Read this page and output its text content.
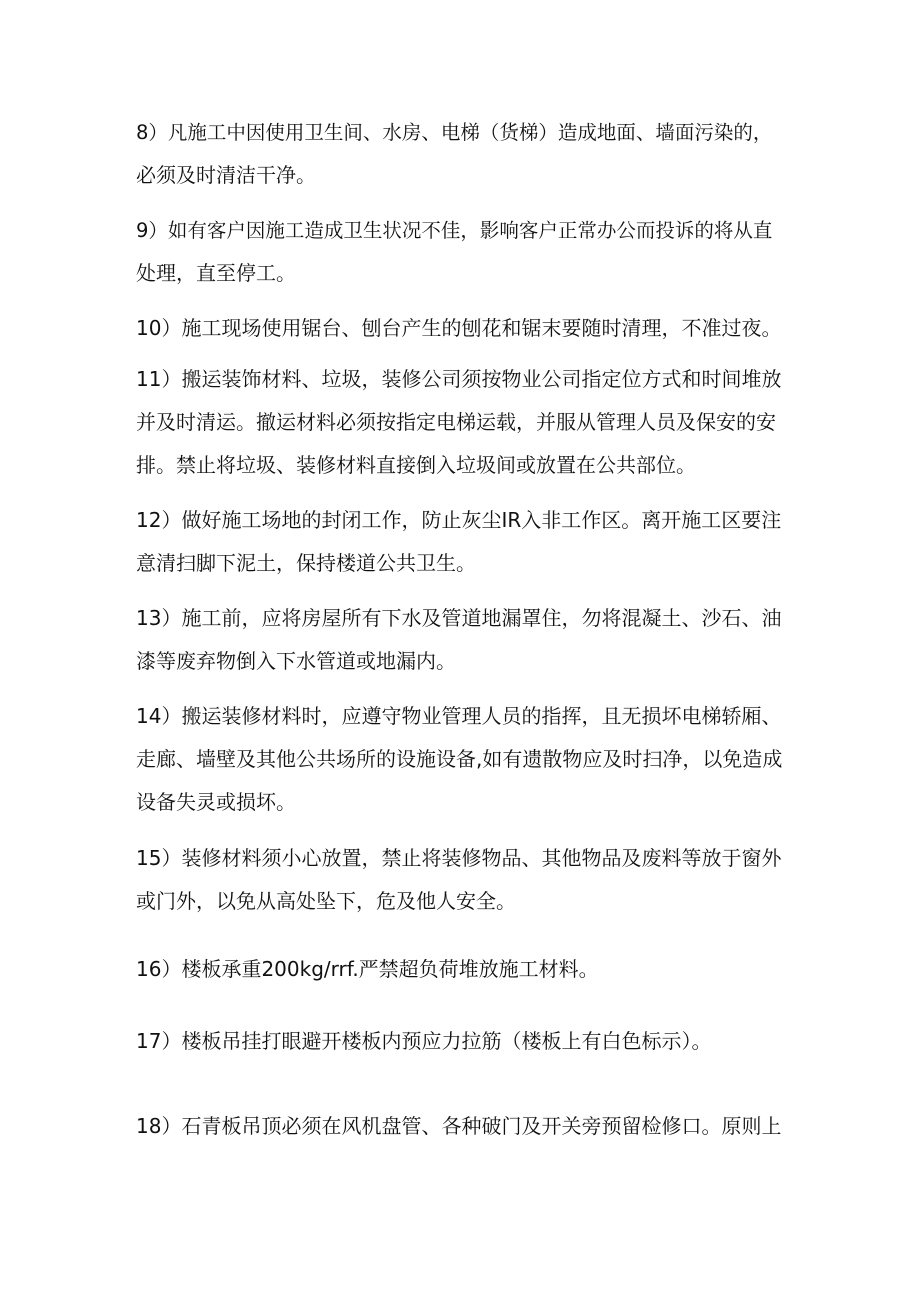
8）凡施工中因使用卫生间、水房、电梯（货梯）造成地面、墙面污染的，
必须及时清洁干净。
9）如有客户因施工造成卫生状况不佳，影响客户正常办公而投诉的将从直
处理，直至停工。
10）施工现场使用锯台、刨台产生的刨花和锯末要随时清理，不准过夜。
11）搬运装饰材料、垃圾，装修公司须按物业公司指定位方式和时间堆放
并及时清运。撤运材料必须按指定电梯运载，并服从管理人员及保安的安
排。禁止将垃圾、装修材料直接倒入垃圾间或放置在公共部位。
12）做好施工场地的封闭工作，防止灰尘IR入非工作区。离开施工区要注
意清扫脚下泥土，保持楼道公共卫生。
13）施工前，应将房屋所有下水及管道地漏罩住，勿将混凝土、沙石、油
漆等废弃物倒入下水管道或地漏内。
14）搬运装修材料时，应遵守物业管理人员的指挥，且无损坏电梯轿厢、
走廊、墙壁及其他公共场所的设施设备,如有遗散物应及时扫净，以免造成
设备失灵或损坏。
15）装修材料须小心放置，禁止将装修物品、其他物品及废料等放于窗外
或门外，以免从高处坠下，危及他人安全。
16）楼板承重200kg/rrf.严禁超负荷堆放施工材料。
17）楼板吊挂打眼避开楼板内预应力拉筋（楼板上有白色标示）。
18）石青板吊顶必须在风机盘管、各种破门及开关旁预留检修口。原则上
